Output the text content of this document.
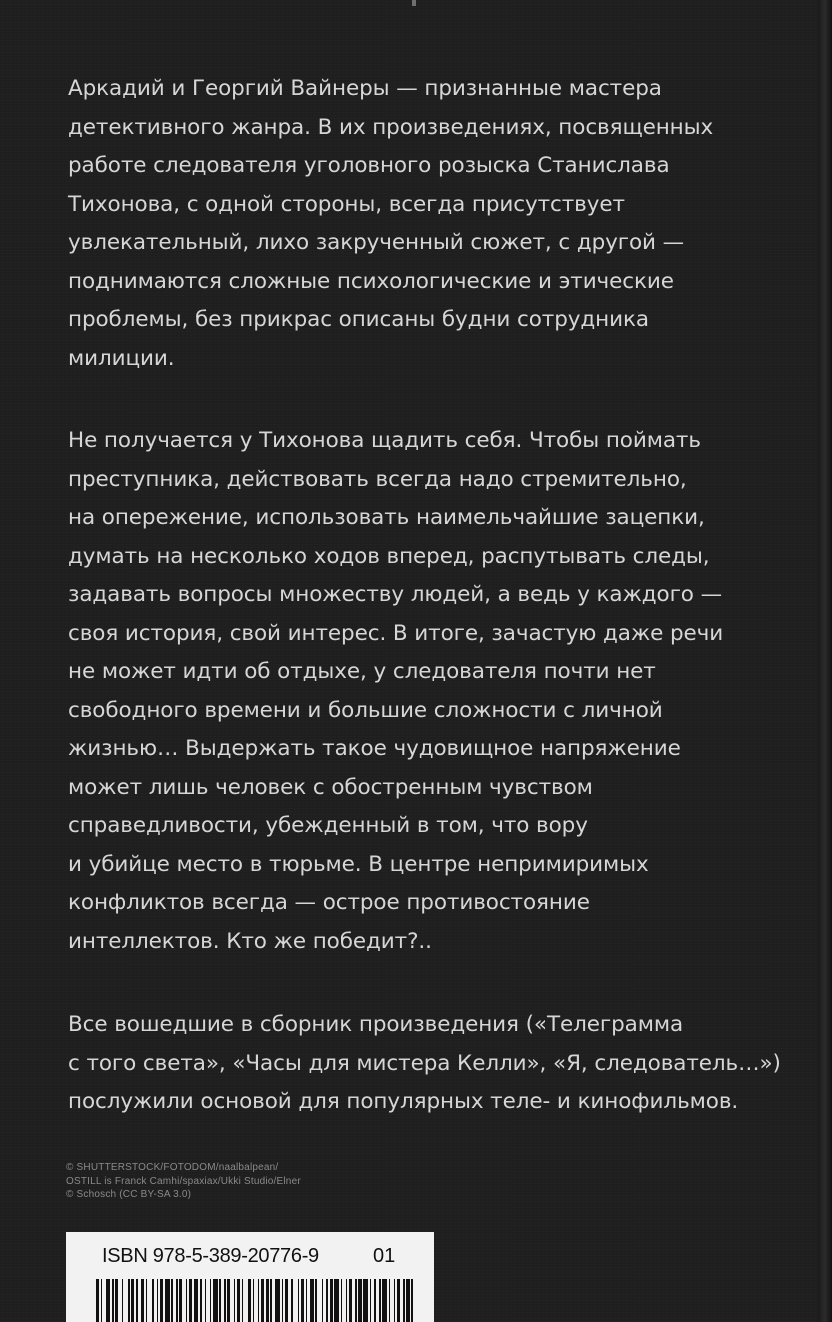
Аркадий и Георгий Вайнеры — признанные мастера
детективного жанра. В их произведениях, посвященных
работе следователя уголовного розыска Станислава
Тихонова, с одной стороны, всегда присутствует
увлекательный, лихо закрученный сюжет, с другой —
поднимаются сложные психологические и этические
проблемы, без прикрас описаны будни сотрудника
милиции.
Не получается у Тихонова щадить себя. Чтобы поймать
преступника, действовать всегда надо стремительно,
на опережение, использовать наимельчайшие зацепки,
думать на несколько ходов вперед, распутывать следы,
задавать вопросы множеству людей, а ведь у каждого —
своя история, свой интерес. В итоге, зачастую даже речи
не может идти об отдыхе, у следователя почти нет
свободного времени и большие сложности с личной
жизнью… Выдержать такое чудовищное напряжение
может лишь человек с обостренным чувством
справедливости, убежденный в том, что вору
и убийце место в тюрьме. В центре непримиримых
конфликтов всегда — острое противостояние
интеллектов. Кто же победит?..
Все вошедшие в сборник произведения («Телеграмма
с того света», «Часы для мистера Келли», «Я, следователь…»)
послужили основой для популярных теле- и кинофильмов.
© SHUTTERSTOCK/FOTODOM/naalbalpean/
OSTILL is Franck Camhi/spaxiax/Ukki Studio/Elner
© Schosch (CC BY-SA 3.0)
ISBN 978-5-389-20776-9	01
